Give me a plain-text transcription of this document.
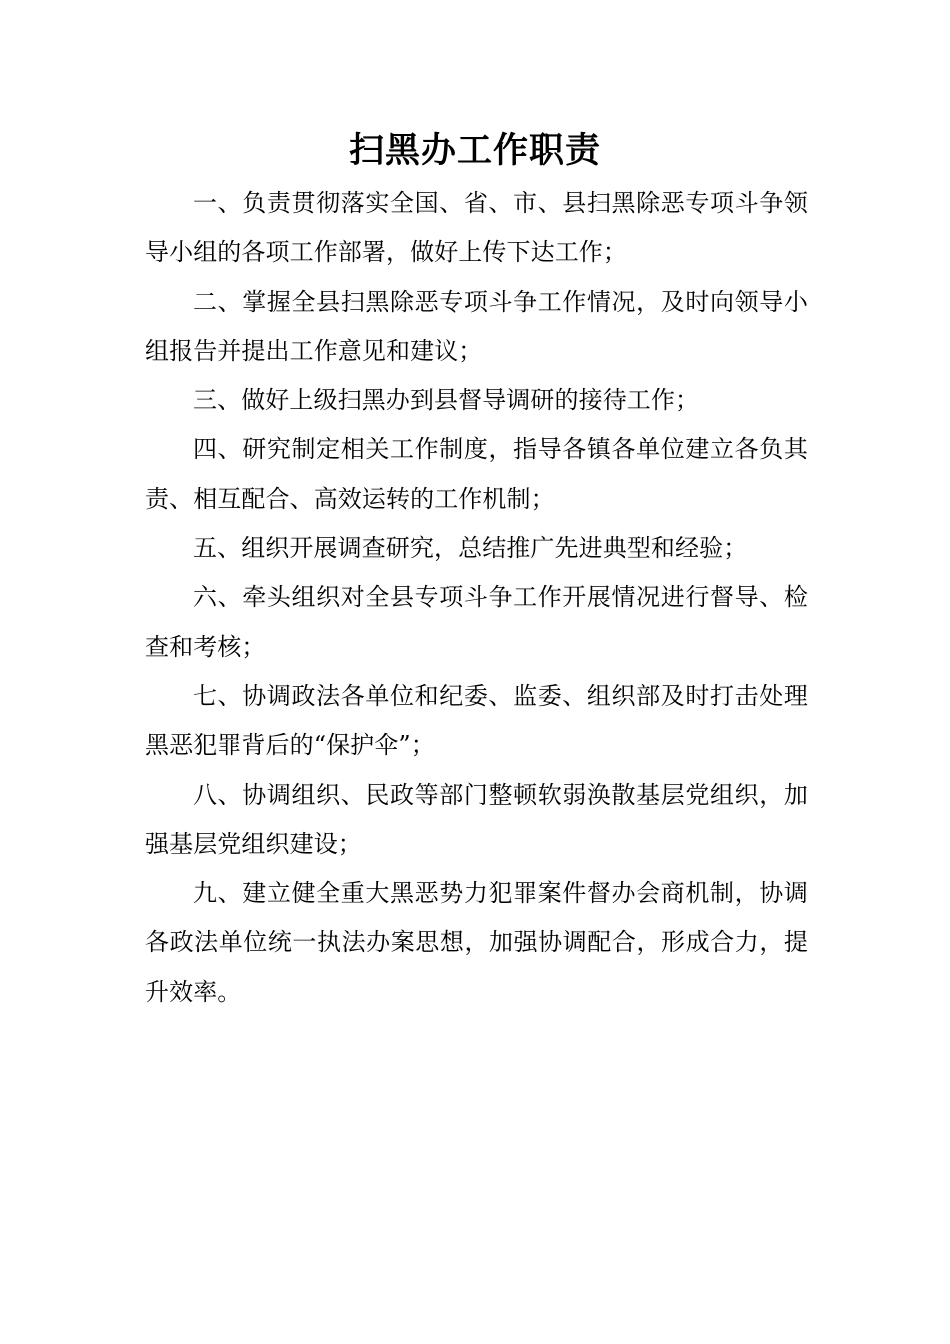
扫黑办工作职责

一、负责贯彻落实全国、省、市、县扫黑除恶专项斗争领导小组的各项工作部署，做好上传下达工作；

二、掌握全县扫黑除恶专项斗争工作情况，及时向领导小组报告并提出工作意见和建议；

三、做好上级扫黑办到县督导调研的接待工作；

四、研究制定相关工作制度，指导各镇各单位建立各负其责、相互配合、高效运转的工作机制；

五、组织开展调查研究，总结推广先进典型和经验；

六、牵头组织对全县专项斗争工作开展情况进行督导、检查和考核；

七、协调政法各单位和纪委、监委、组织部及时打击处理黑恶犯罪背后的“保护伞”；

八、协调组织、民政等部门整顿软弱涣散基层党组织，加强基层党组织建设；

九、建立健全重大黑恶势力犯罪案件督办会商机制，协调各政法单位统一执法办案思想，加强协调配合，形成合力，提升效率。
